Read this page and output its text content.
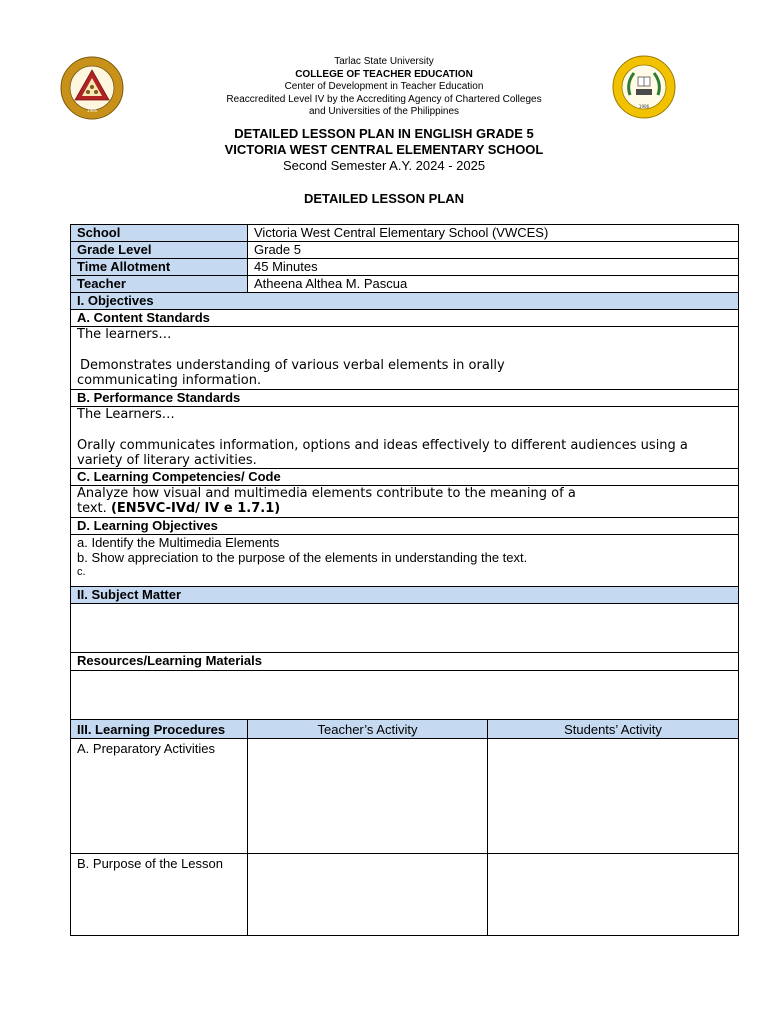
1906
1906
Tarlac State University
COLLEGE OF TEACHER EDUCATION
Center of Development in Teacher Education
Reaccredited Level IV by the Accrediting Agency of Chartered Colleges
and Universities of the Philippines
DETAILED LESSON PLAN IN ENGLISH GRADE 5
VICTORIA WEST CENTRAL ELEMENTARY SCHOOL
Second Semester A.Y. 2024 - 2025
DETAILED LESSON PLAN
School	Victoria West Central Elementary School (VWCES)	
Grade Level	Grade 5	
Time Allotment	45 Minutes	
Teacher	Atheena Althea M. Pascua	
I. Objectives		
A. Content Standards		

The learners…
Demonstrates understanding of various verbal elements in orally
communicating information.		

B. Performance Standards		

The Learners…
Orally communicates information, options and ideas effectively to different audiences using a variety of literary activities.		

C. Learning Competencies/ Code		

Analyze how visual and multimedia elements contribute to the meaning of a
text. (EN5VC-IVd/ IV e 1.7.1)		

D. Learning Objectives		

a. Identify the Multimedia Elements
b. Show appreciation to the purpose of the elements in understanding the text.
c.		

II. Subject Matter		

Resources/Learning Materials		

III. Learning Procedures	Teacher’s Activity	Students’ Activity
A. Preparatory Activities		
B. Purpose of the Lesson		
